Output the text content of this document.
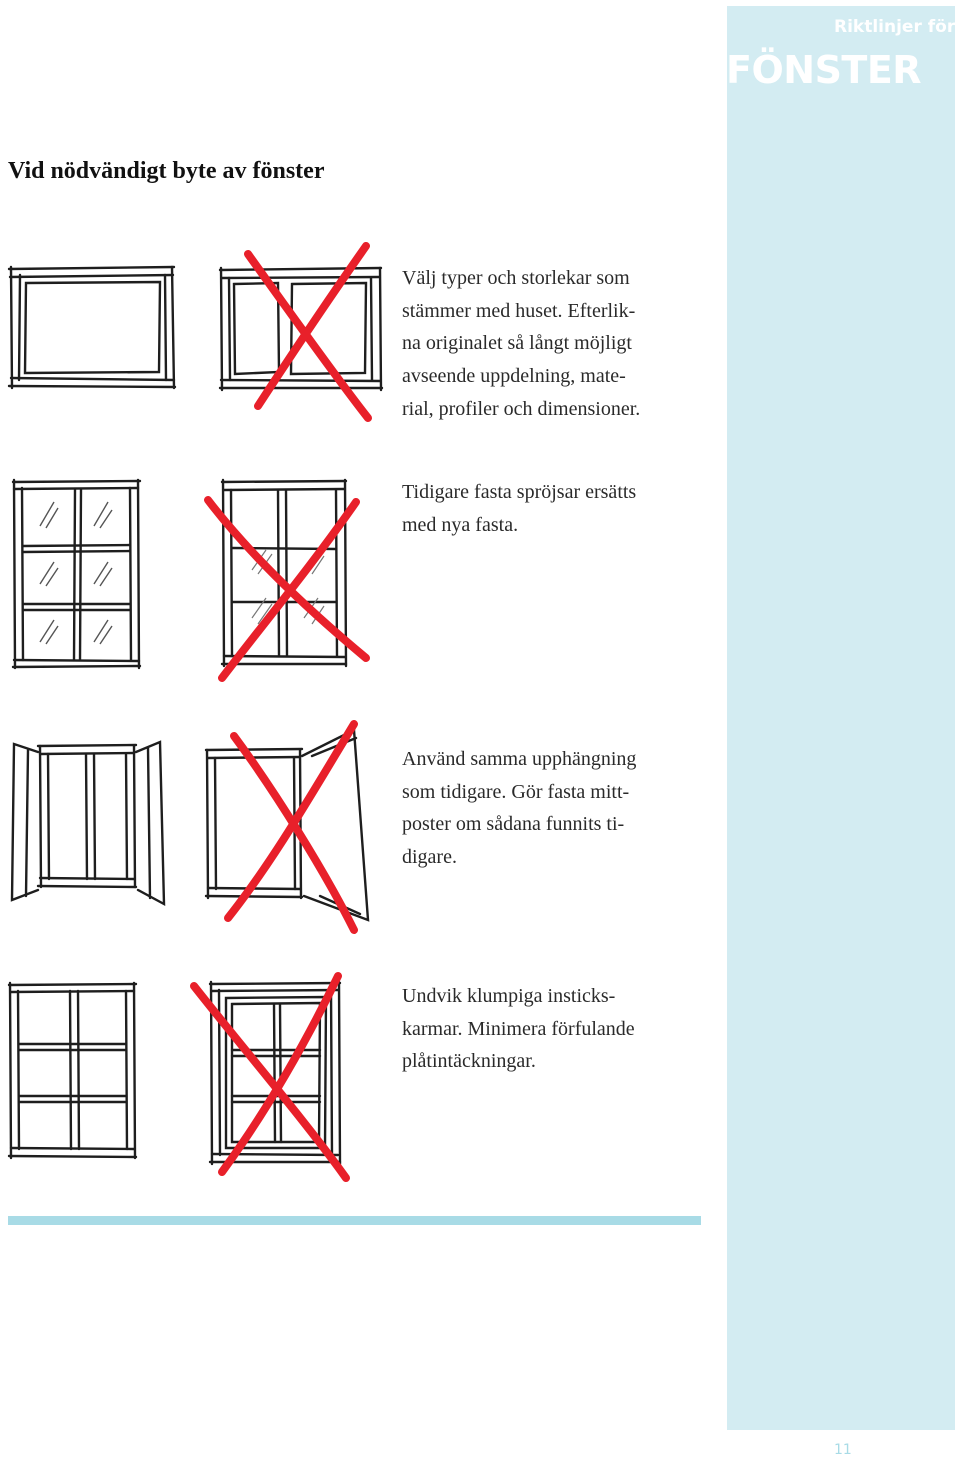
Riktlinjer för
FÖNSTER
Vid nödvändigt byte av fönster

Välj typer och storlekar som
stämmer med huset. Efterlik-
na originalet så långt möjligt
avseende uppdelning, mate-
rial, profiler och dimensioner.

Tidigare fasta spröjsar ersätts
med nya fasta.

Använd samma upphängning
som tidigare. Gör fasta mitt-
poster om sådana funnits ti-
digare.

Undvik klumpiga insticks-
karmar. Minimera förfulande
plåtintäckningar.

11
